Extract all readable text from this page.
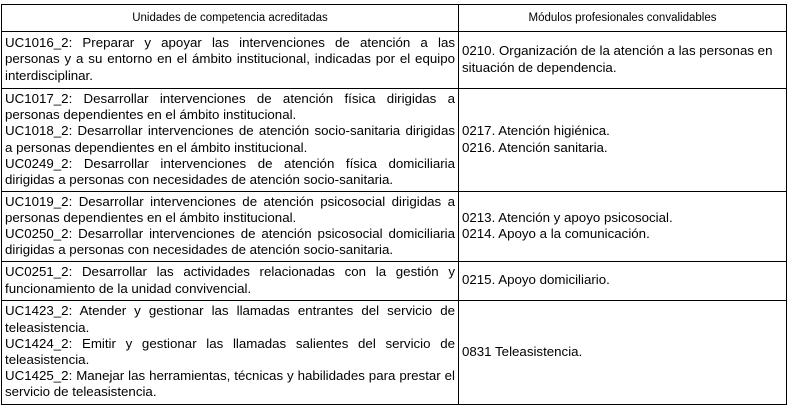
Unidades de competencia acreditadas	Módulos profesionales convalidables

UC1016_2: Preparar y apoyar las intervenciones de atención a las personas y a su entorno en el ámbito institucional, indicadas por el equipo interdisciplinar.	0210. Organización de la atención a las personas en situación de dependencia.

UC1017_2: Desarrollar intervenciones de atención física dirigidas a personas dependientes en el ámbito institucional.
UC1018_2: Desarrollar intervenciones de atención socio-sanitaria dirigidas a personas dependientes en el ámbito institucional.
UC0249_2: Desarrollar intervenciones de atención física domiciliaria dirigidas a personas con necesidades de atención socio-sanitaria.	0217. Atención higiénica.
0216. Atención sanitaria.

UC1019_2: Desarrollar intervenciones de atención psicosocial dirigidas a personas dependientes en el ámbito institucional.
UC0250_2: Desarrollar intervenciones de atención psicosocial domiciliaria dirigidas a personas con necesidades de atención socio-sanitaria.	0213. Atención y apoyo psicosocial.
0214. Apoyo a la comunicación.

UC0251_2: Desarrollar las actividades relacionadas con la gestión y funcionamiento de la unidad convivencial.	0215. Apoyo domiciliario.

UC1423_2: Atender y gestionar las llamadas entrantes del servicio de teleasistencia.
UC1424_2: Emitir y gestionar las llamadas salientes del servicio de teleasistencia.
UC1425_2: Manejar las herramientas, técnicas y habilidades para prestar el servicio de teleasistencia.	0831 Teleasistencia.
